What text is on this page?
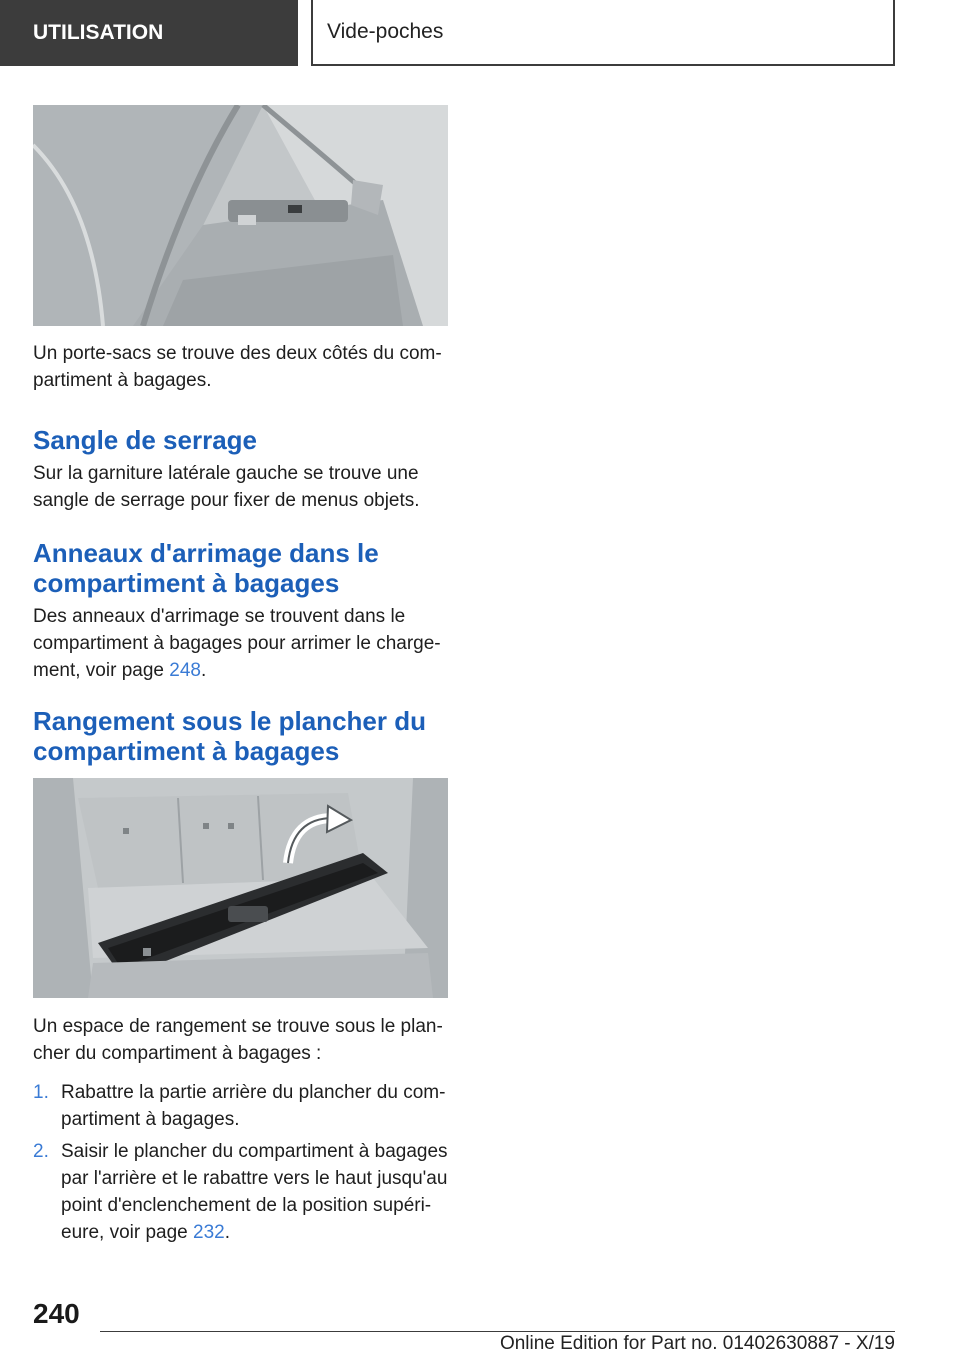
UTILISATION	Vide-poches

Un porte-sacs se trouve des deux côtés du com-partiment à bagages.

Sangle de serrage

Sur la garniture latérale gauche se trouve une sangle de serrage pour fixer de menus objets.

Anneaux d'arrimage dans le compartiment à bagages

Des anneaux d'arrimage se trouvent dans le compartiment à bagages pour arrimer le charge-ment, voir page 248.

Rangement sous le plancher du compartiment à bagages

Un espace de rangement se trouve sous le plan-cher du compartiment à bagages :

1. Rabattre la partie arrière du plancher du com-partiment à bagages.
2. Saisir le plancher du compartiment à bagages par l'arrière et le rabattre vers le haut jusqu'au point d'enclenchement de la position supéri-eure, voir page 232.
240
Online Edition for Part no. 01402630887 - X/19
